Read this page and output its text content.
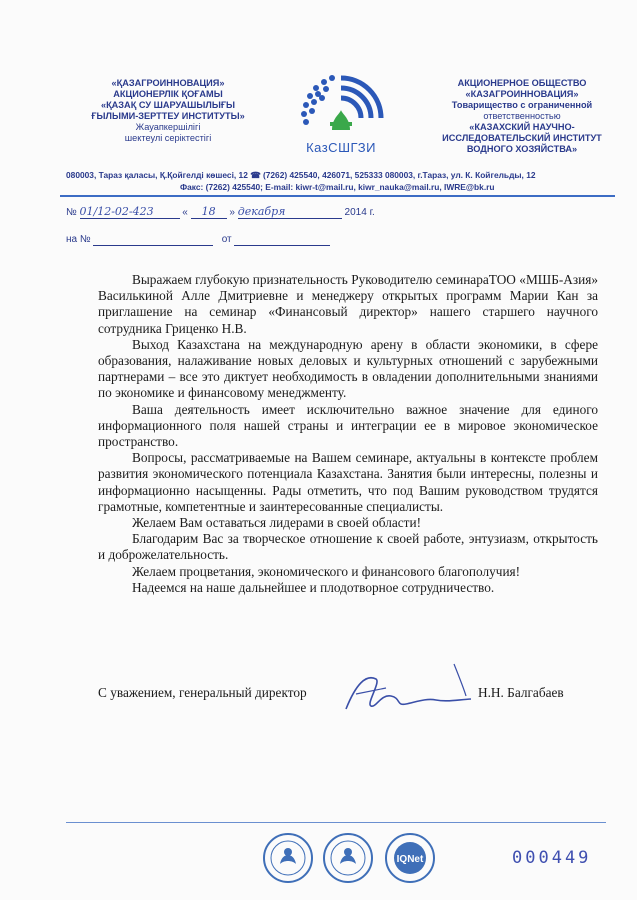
«ҚАЗАГРОИННОВАЦИЯ»
АКЦИОНЕРЛІК ҚОҒАМЫ
«ҚАЗАҚ СУ ШАРУАШЫЛЫҒЫ
ҒЫЛЫМИ-ЗЕРТТЕУ ИНСТИТУТЫ»
Жауапкершілігі
шектеулі серіктестігі
КазСШГЗИ
АКЦИОНЕРНОЕ ОБЩЕСТВО
«КАЗАГРОИННОВАЦИЯ»
Товарищество с ограниченной
ответственностью
«КАЗАХСКИЙ НАУЧНО-
ИССЛЕДОВАТЕЛЬСКИЙ ИНСТИТУТ
ВОДНОГО ХОЗЯЙСТВА»
080003, Тараз қаласы, Қ.Қойгелді көшесі, 12 ☎ (7262) 425540, 426071, 525333 080003, г.Тараз, ул. К. Койгельды, 12
Факс: (7262) 425540; E-mail: kiwr-t@mail.ru, kiwr_nauka@mail.ru, IWRE@bk.ru
№ 01/12-02-423	« 18 » декабря	2014 г.
на №	от

Выражаем глубокую признательность Руководителю семинараТОО «МШБ-Азия» Василькиной Алле Дмитриевне и менеджеру открытых программ Марии Кан за приглашение на семинар «Финансовый директор» нашего старшего научного сотрудника Гриценко Н.В.

Выход Казахстана на международную арену в области экономики, в сфере образования, налаживание новых деловых и культурных отношений с зарубежными партнерами – все это диктует необходимость в овладении дополнительными знаниями по экономике и финансовому менеджменту.

Ваша деятельность имеет исключительно важное значение для единого информационного поля нашей страны и интеграции ее в мировое экономическое пространство.

Вопросы, рассматриваемые на Вашем семинаре, актуальны в контексте проблем развития экономического потенциала Казахстана. Занятия были интересны, полезны и информационно насыщенны. Рады отметить, что под Вашим руководством трудятся грамотные, компетентные и заинтересованные специалисты.

Желаем Вам оставаться лидерами в своей области!

Благодарим Вас за творческое отношение к своей работе, энтузиазм, открытость и доброжелательность.

Желаем процветания, экономического и финансового благополучия!

Надеемся на наше дальнейшее и плодотворное сотрудничество.

С уважением, генеральный директор	Н.Н. Балгабаев
IQNet	000449
